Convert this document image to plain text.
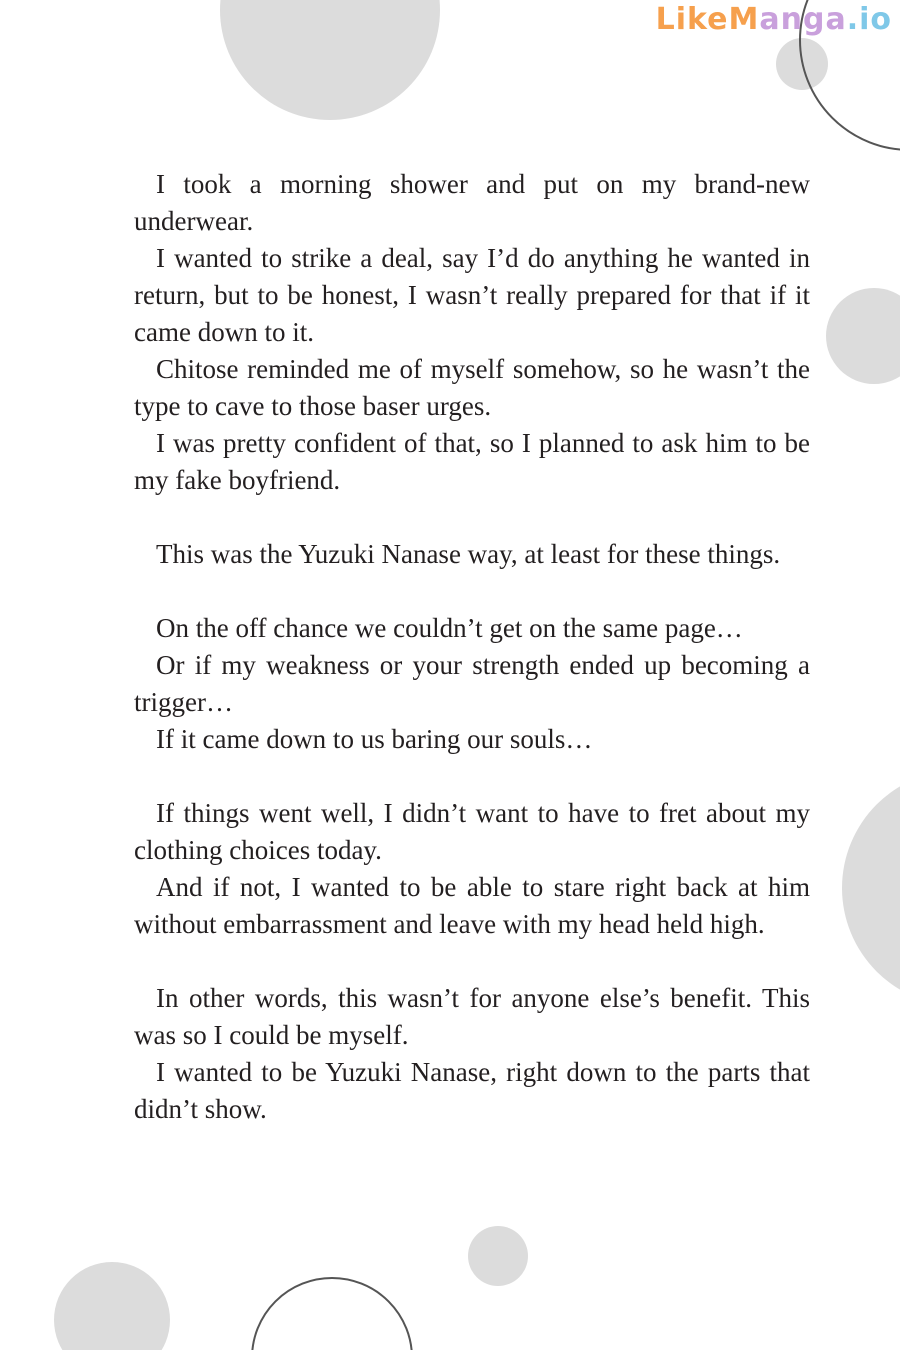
LikeManga.io

I took a morning shower and put on my brand-new underwear.

I wanted to strike a deal, say I’d do anything he wanted in return, but to be honest, I wasn’t really prepared for that if it came down to it.

Chitose reminded me of myself somehow, so he wasn’t the type to cave to those baser urges.

I was pretty confident of that, so I planned to ask him to be my fake boyfriend.

This was the Yuzuki Nanase way, at least for these things.

On the off chance we couldn’t get on the same page…

Or if my weakness or your strength ended up becoming a trigger…

If it came down to us baring our souls…

If things went well, I didn’t want to have to fret about my clothing choices today.

And if not, I wanted to be able to stare right back at him without embarrassment and leave with my head held high.

In other words, this wasn’t for anyone else’s benefit. This was so I could be myself.

I wanted to be Yuzuki Nanase, right down to the parts that didn’t show.
